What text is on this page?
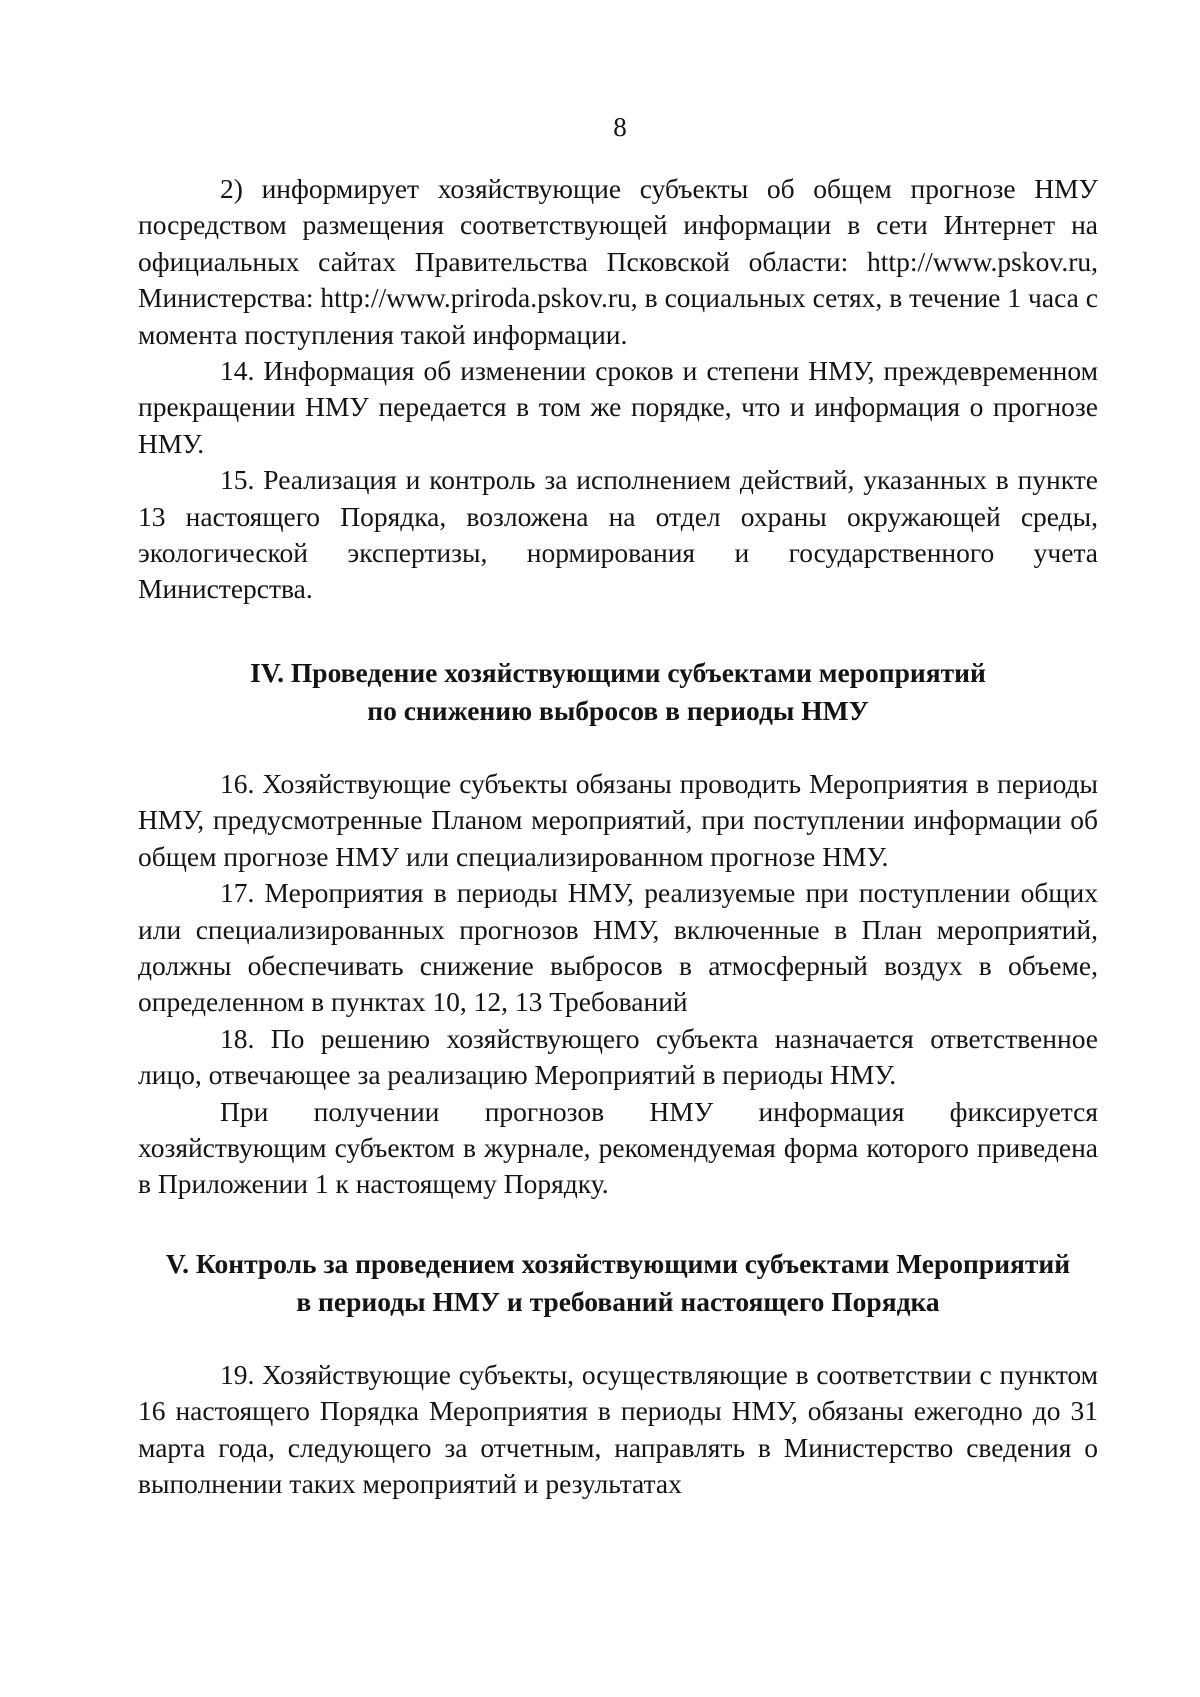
8

2) информирует хозяйствующие субъекты об общем прогнозе НМУ посредством размещения соответствующей информации в сети Интернет на официальных сайтах Правительства Псковской области: http://www.pskov.ru, Министерства: http://www.priroda.pskov.ru, в социальных сетях, в течение 1 часа с момента поступления такой информации.

14. Информация об изменении сроков и степени НМУ, преждевременном прекращении НМУ передается в том же порядке, что и информация о прогнозе НМУ.

15. Реализация и контроль за исполнением действий, указанных в пункте 13 настоящего Порядка, возложена на отдел охраны окружающей среды, экологической экспертизы, нормирования и государственного учета Министерства.

IV. Проведение хозяйствующими субъектами мероприятий
по снижению выбросов в периоды НМУ

16. Хозяйствующие субъекты обязаны проводить Мероприятия в периоды НМУ, предусмотренные Планом мероприятий, при поступлении информации об общем прогнозе НМУ или специализированном прогнозе НМУ.

17. Мероприятия в периоды НМУ, реализуемые при поступлении общих или специализированных прогнозов НМУ, включенные в План мероприятий, должны обеспечивать снижение выбросов в атмосферный воздух в объеме, определенном в пунктах 10, 12, 13 Требований

18. По решению хозяйствующего субъекта назначается ответственное лицо, отвечающее за реализацию Мероприятий в периоды НМУ.

При получении прогнозов НМУ информация фиксируется хозяйствующим субъектом в журнале, рекомендуемая форма которого приведена в Приложении 1 к настоящему Порядку.

V. Контроль за проведением хозяйствующими субъектами Мероприятий
в периоды НМУ и требований настоящего Порядка

19. Хозяйствующие субъекты, осуществляющие в соответствии с пунктом 16 настоящего Порядка Мероприятия в периоды НМУ, обязаны ежегодно до 31 марта года, следующего за отчетным, направлять в Министерство сведения о выполнении таких мероприятий и результатах
